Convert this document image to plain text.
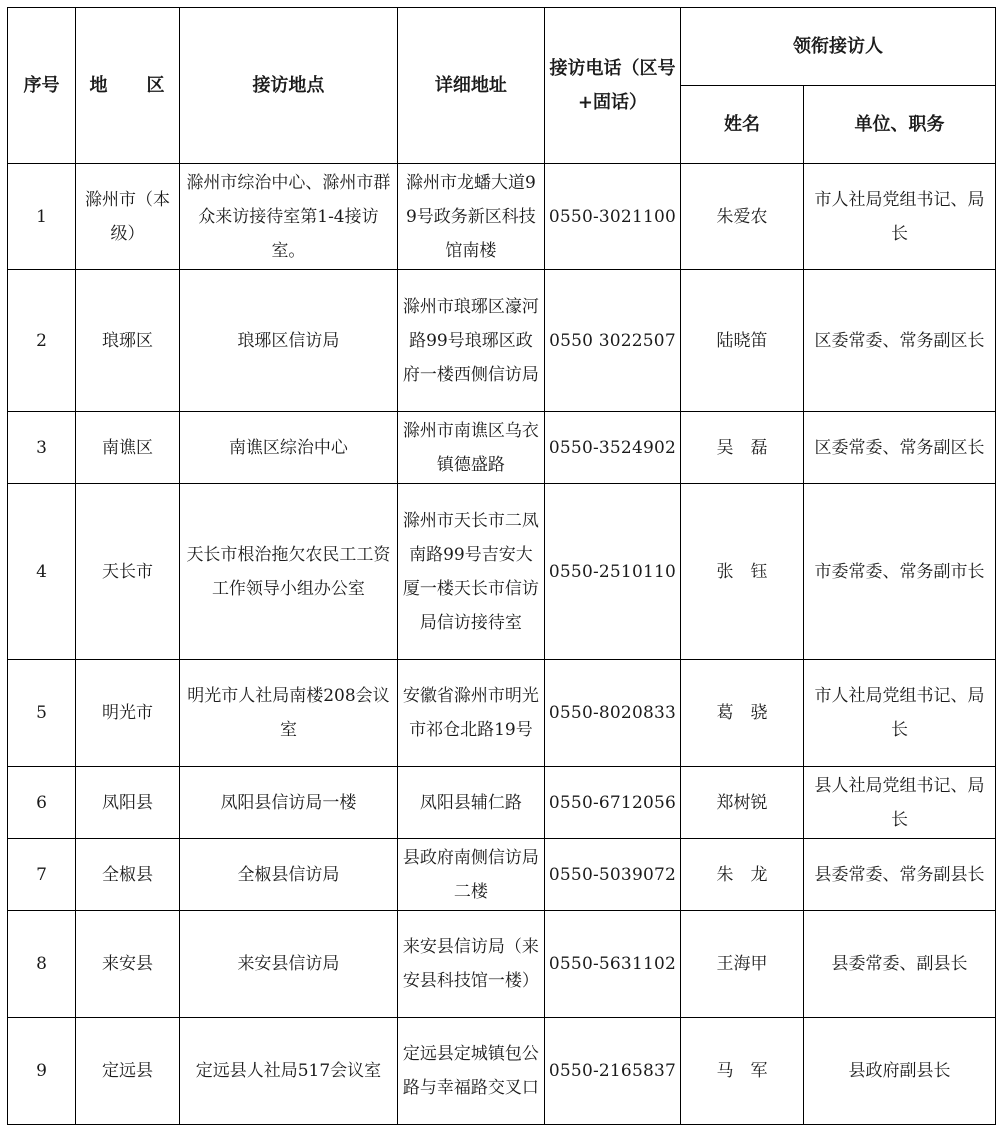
序号	地　　区	接访地点	详细地址	接访电话（区号+固话）	领衔接访人	
					姓名	单位、职务
1	滁州市（本级）	滁州市综治中心、滁州市群众来访接待室第1-4接访室。	滁州市龙蟠大道99号政务新区科技馆南楼	0550-3021100	朱爱农	市人社局党组书记、局长
2	琅琊区	琅琊区信访局	滁州市琅琊区濠河路99号琅琊区政府一楼西侧信访局	0550 3022507	陆晓笛	区委常委、常务副区长
3	南谯区	南谯区综治中心	滁州市南谯区乌衣镇德盛路	0550-3524902	吴　磊	区委常委、常务副区长
4	天长市	天长市根治拖欠农民工工资工作领导小组办公室	滁州市天长市二凤南路99号吉安大厦一楼天长市信访局信访接待室	0550-2510110	张　钰	市委常委、常务副市长
5	明光市	明光市人社局南楼208会议室	安徽省滁州市明光市祁仓北路19号	0550-8020833	葛　骁	市人社局党组书记、局长
6	凤阳县	凤阳县信访局一楼	凤阳县辅仁路	0550-6712056	郑树锐	县人社局党组书记、局长
7	全椒县	全椒县信访局	县政府南侧信访局二楼	0550-5039072	朱　龙	县委常委、常务副县长
8	来安县	来安县信访局	来安县信访局（来安县科技馆一楼）	0550-5631102	王海甲	县委常委、副县长
9	定远县	定远县人社局517会议室	定远县定城镇包公路与幸福路交叉口	0550-2165837	马　军	县政府副县长
